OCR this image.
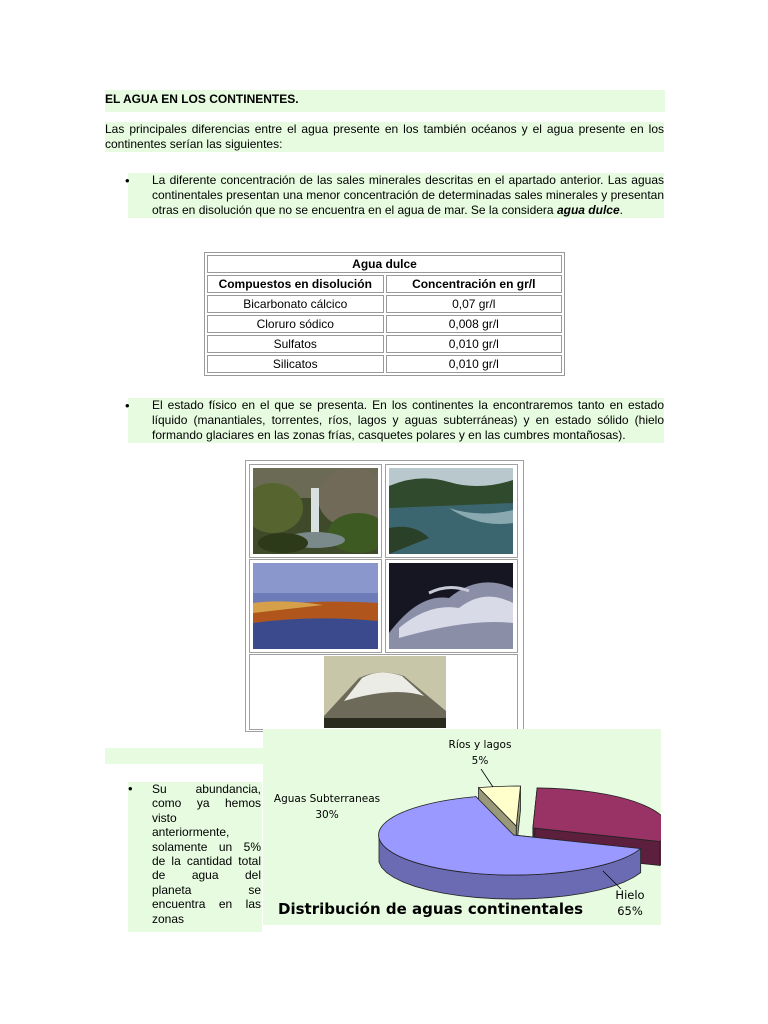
EL AGUA EN LOS CONTINENTES.
Las principales diferencias entre el agua presente en los también océanos y el agua presente en los continentes serían las siguientes:
• La diferente concentración de las sales minerales descritas en el apartado anterior. Las aguas continentales presentan una menor concentración de determinadas sales minerales y presentan otras en disolución que no se encuentra en el agua de mar. Se la considera agua dulce.
Agua dulce	
Compuestos en disolución	Concentración en gr/l
Bicarbonato cálcico	0,07 gr/l
Cloruro sódico	0,008 gr/l
Sulfatos	0,010 gr/l
Silicatos	0,010 gr/l
• El estado físico en el que se presenta. En los continentes la encontraremos tanto en estado líquido (manantiales, torrentes, ríos, lagos y aguas subterráneas) y en estado sólido (hielo formando glaciares en las zonas frías, casquetes polares y en las cumbres montañosas).
Ríos y lagos
5%
Aguas Subterraneas
30%
Hielo
65%
Distribución de aguas continentales
• Su abundancia,
como ya hemos
visto
anteriormente,
solamente un 5%
de la cantidad total
de agua del
planeta se
encuentra en las
zonas
